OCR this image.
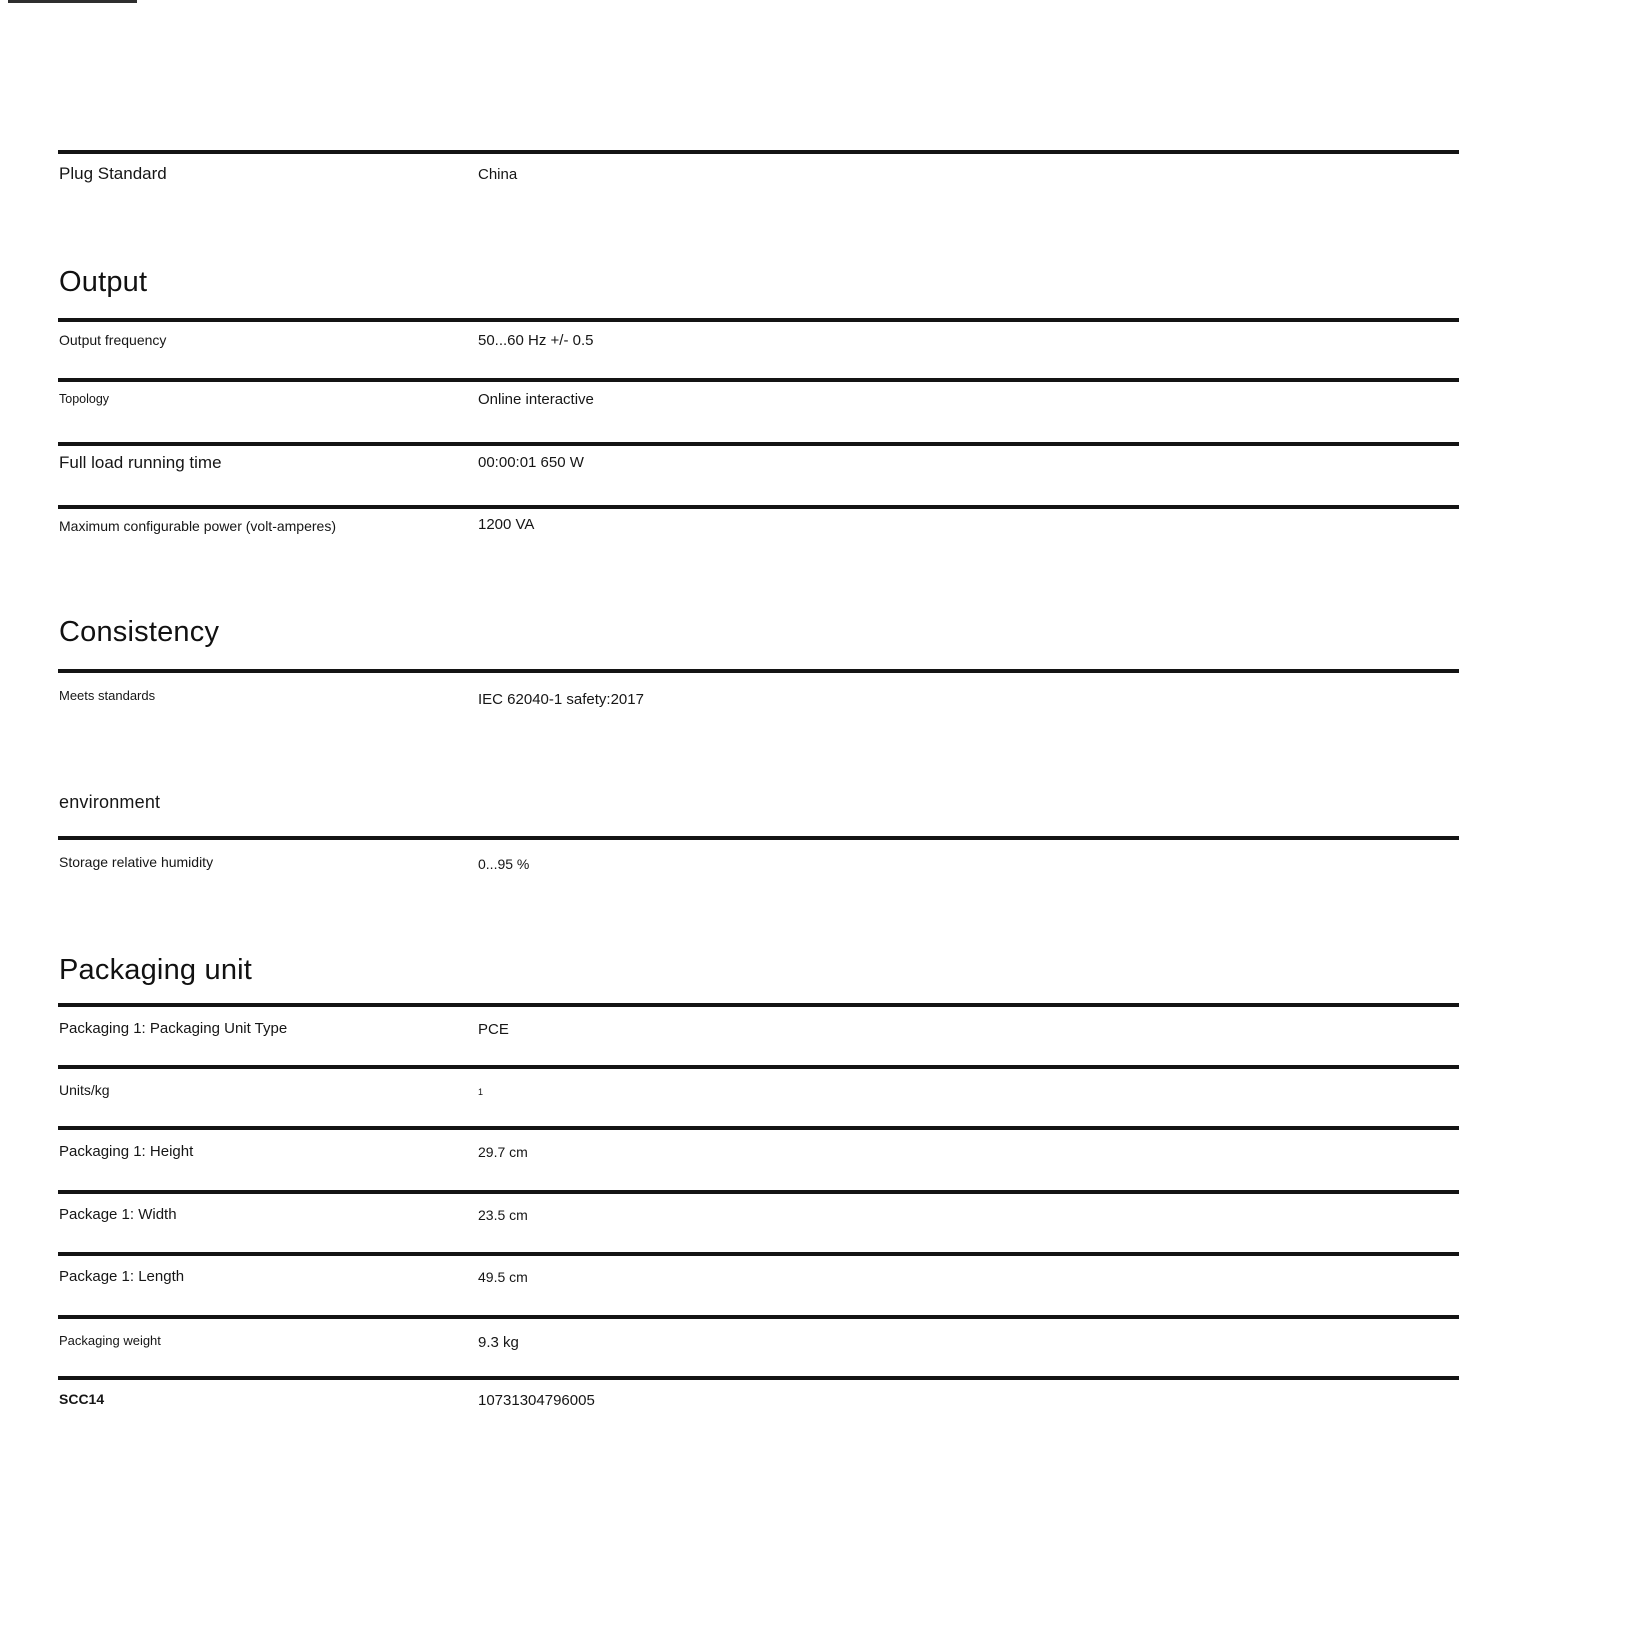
Plug Standard	China
Output
Output frequency	50...60 Hz +/- 0.5
Topology	Online interactive
Full load running time	00:00:01 650 W
Maximum configurable power (volt-amperes)	1200 VA
Consistency
Meets standards	IEC 62040-1 safety:2017
environment
Storage relative humidity	0...95 %
Packaging unit
Packaging 1: Packaging Unit Type	PCE
Units/kg	1
Packaging 1: Height	29.7 cm
Package 1: Width	23.5 cm
Package 1: Length	49.5 cm
Packaging weight	9.3 kg
SCC14	10731304796005
